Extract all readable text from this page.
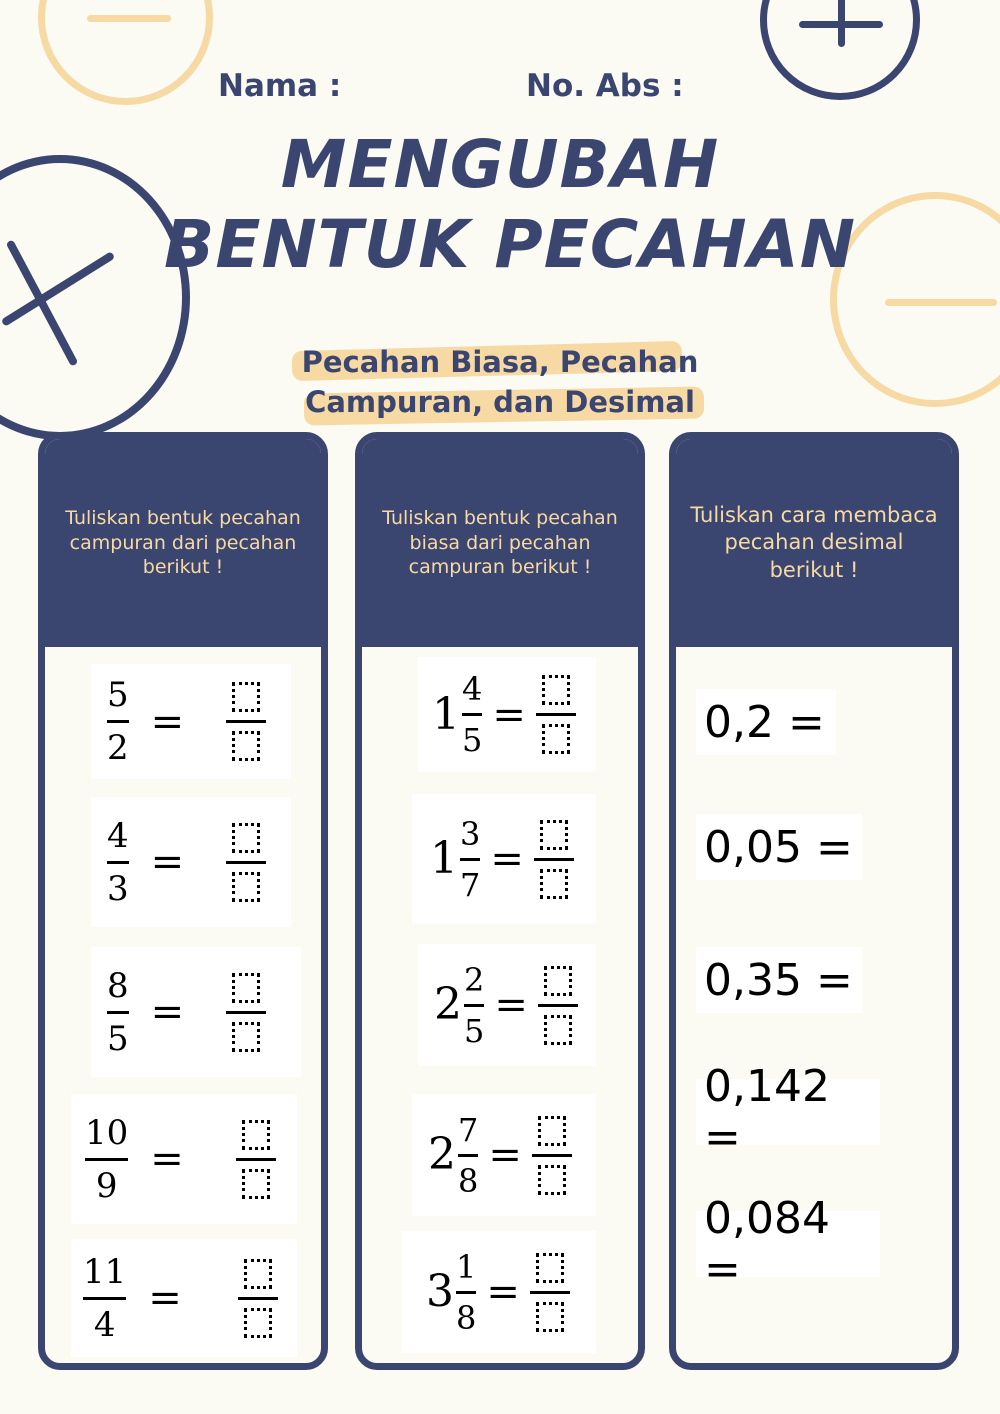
Nama :	No. Abs :
MENGUBAH
BENTUK PECAHAN
Pecahan Biasa, Pecahan
Campuran, dan Desimal
Tuliskan bentuk pecahan campuran dari pecahan berikut !
$\frac{5}{2}$ =
$\frac{4}{3}$ =
$\frac{8}{5}$ =
$\frac{10}{9}$ =
$\frac{11}{4}$ =
Tuliskan bentuk pecahan biasa dari pecahan campuran berikut !
$1 \frac{4}{5}$ =
$1 \frac{3}{7}$ =
$2 \frac{2}{5}$ =
$2 \frac{7}{8}$ =
$3 \frac{1}{8}$ =
Tuliskan cara membaca pecahan desimal berikut !
0,2 =
0,05 =
0,35 =
0,142 =
0,084 =
